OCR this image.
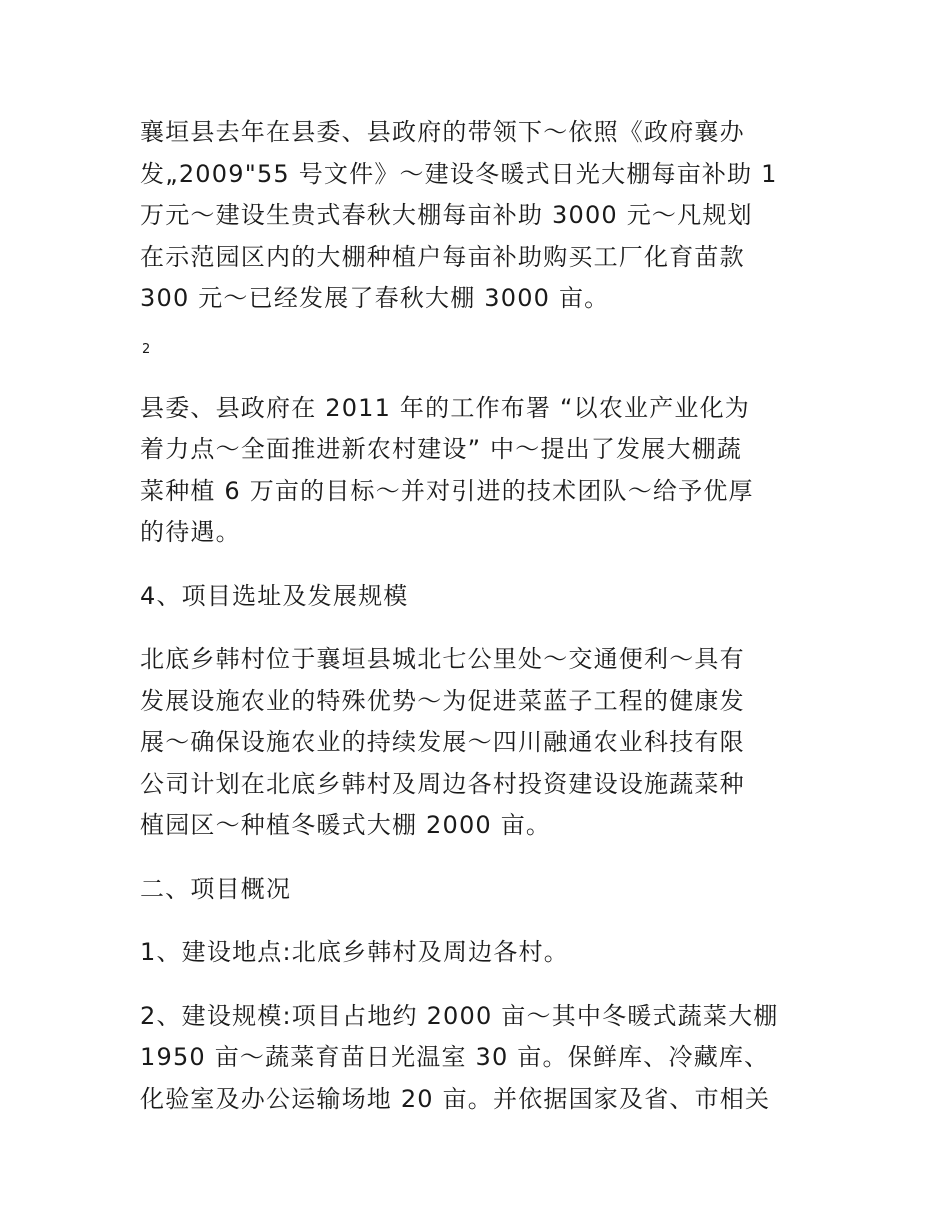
襄垣县去年在县委、县政府的带领下～依照《政府襄办
发„2009"55 号文件》～建设冬暖式日光大棚每亩补助 1
万元～建设生贵式春秋大棚每亩补助 3000 元～凡规划
在示范园区内的大棚种植户每亩补助购买工厂化育苗款
300 元～已经发展了春秋大棚 3000 亩。

2

县委、县政府在 2011 年的工作布署 “以农业产业化为
着力点～全面推进新农村建设” 中～提出了发展大棚蔬
菜种植 6 万亩的目标～并对引进的技术团队～给予优厚
的待遇。

4、项目选址及发展规模

北底乡韩村位于襄垣县城北七公里处～交通便利～具有
发展设施农业的特殊优势～为促进菜蓝子工程的健康发
展～确保设施农业的持续发展～四川融通农业科技有限
公司计划在北底乡韩村及周边各村投资建设设施蔬菜种
植园区～种植冬暖式大棚 2000 亩。

二、项目概况

1、建设地点:北底乡韩村及周边各村。

2、建设规模:项目占地约 2000 亩～其中冬暖式蔬菜大棚
1950 亩～蔬菜育苗日光温室 30 亩。保鲜库、冷藏库、
化验室及办公运输场地 20 亩。并依据国家及省、市相关
